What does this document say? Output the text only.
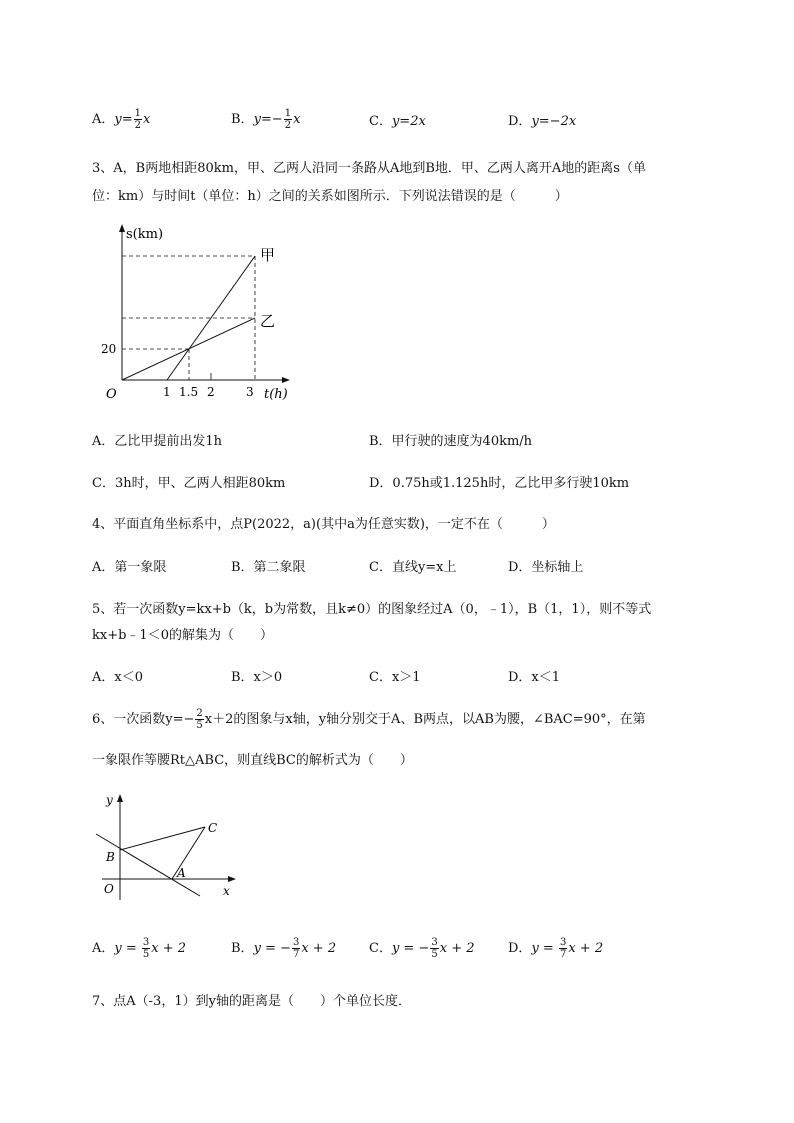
A．$y= \frac{1}{2}$ x	B．$y=- \frac{1}{2}$ x	C．y=2x	D．y=−2x
3、A，B两地相距80km，甲、乙两人沿同一条路从A地到B地．甲、乙两人离开A地的距离s（单
位：km）与时间t（单位：h）之间的关系如图所示．下列说法错误的是（　　　）
s(km)
t(h)
O
20
1 1.5 2	3
甲
乙
A．乙比甲提前出发1h	B．甲行驶的速度为40km/h
C．3h时，甲、乙两人相距80km	D．0.75h或1.125h时，乙比甲多行驶10km
4、平面直角坐标系中，点P(2022，a)(其中a为任意实数)，一定不在（　　　）
A．第一象限	B．第二象限	C．直线y=x上	D．坐标轴上
5、若一次函数y=kx+b（k，b为常数，且k≠0）的图象经过A（0，﹣1），B（1，1），则不等式
kx+b﹣1＜0的解集为（　　）
A．x＜0	B．x＞0	C．x＞1	D．x＜1
6、一次函数$y=- \frac{2}{5} x+2$的图象与x轴，y轴分别交于A、B两点，以AB为腰，∠BAC=90°，在第
一象限作等腰Rt△ABC，则直线BC的解析式为（　　）
y
x
O
B
A
C
A．$y = \frac{3}{5}$ x + 2	B．y = − $\frac{3}{7}$ x + 2	C．y = − $\frac{3}{5}$ x + 2	D．$y = \frac{3}{7}$ x + 2
7、点A（-3，1）到y轴的距离是（　　）个单位长度．
